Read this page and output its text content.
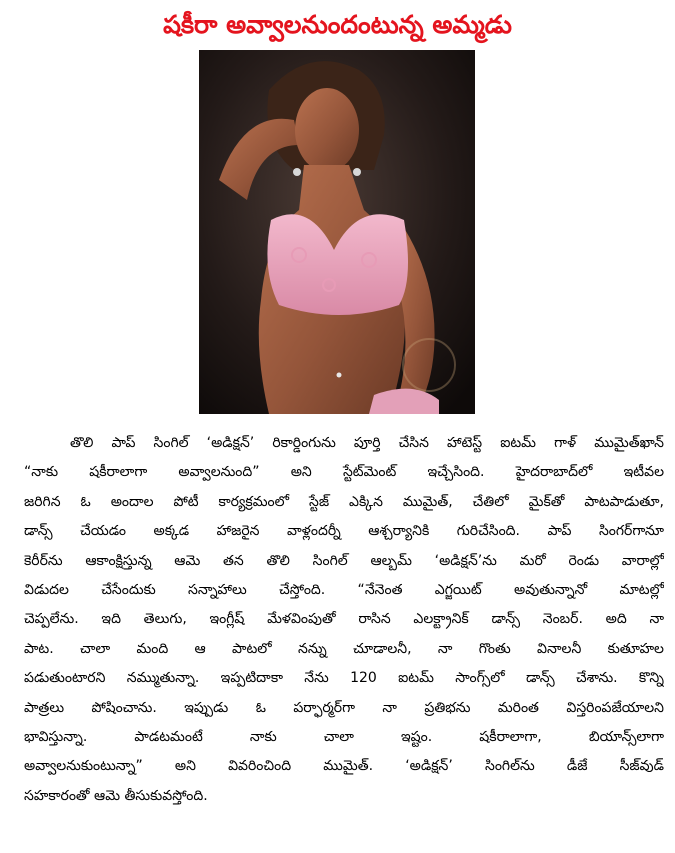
షకీరా అవ్వాలనుందంటున్న అమ్మడు
తొలి పాప్ సింగిల్ ‘అడిక్షన్’ రికార్డింగును పూర్తి చేసిన హాటెస్ట్ ఐటమ్ గాళ్ ముమైత్‌ఖాన్
“నాకు షకీరాలాగా అవ్వాలనుంది” అని స్టేట్‌మెంట్ ఇచ్చేసింది. హైదరాబాద్‌లో ఇటీవల
జరిగిన ఓ అందాల పోటీ కార్యక్రమంలో స్టేజ్ ఎక్కిన ముమైత్, చేతిలో మైక్‌తో పాటపాడుతూ,
డాన్స్ చేయడం అక్కడ హాజరైన వాళ్లందర్నీ ఆశ్చర్యానికి గురిచేసింది. పాప్ సింగర్‌గానూ
కెరీర్‌ను ఆకాంక్షిస్తున్న ఆమె తన తొలి సింగిల్ ఆల్బమ్ ‘అడిక్షన్’ను మరో రెండు వారాల్లో
విడుదల చేసేందుకు సన్నాహాలు చేస్తోంది. “నేనెంత ఎగ్జయిట్ అవుతున్నానో మాటల్లో
చెప్పలేను. ఇది తెలుగు, ఇంగ్లీష్ మేళవింపుతో రాసిన ఎలక్ట్రానిక్ డాన్స్ నెంబర్. అది నా
పాట. చాలా మంది ఆ పాటలో నన్ను చూడాలనీ, నా గొంతు వినాలనీ కుతూహల
పడుతుంటారని నమ్ముతున్నా. ఇప్పటిదాకా నేను 120 ఐటమ్ సాంగ్స్‌లో డాన్స్ చేశాను. కొన్ని
పాత్రలు పోషించాను. ఇప్పుడు ఓ పర్ఫార్మర్‌గా నా ప్రతిభను మరింత విస్తరింపజేయాలని
భావిస్తున్నా. పాడటమంటే నాకు చాలా ఇష్టం. షకీరాలాగా, బియాన్స్‌లాగా
అవ్వాలనుకుంటున్నా” అని వివరించింది ముమైత్. ‘అడిక్షన్’ సింగిల్‌ను డీజే సీజ్‌వుడ్
సహకారంతో ఆమె తీసుకువస్తోంది.
